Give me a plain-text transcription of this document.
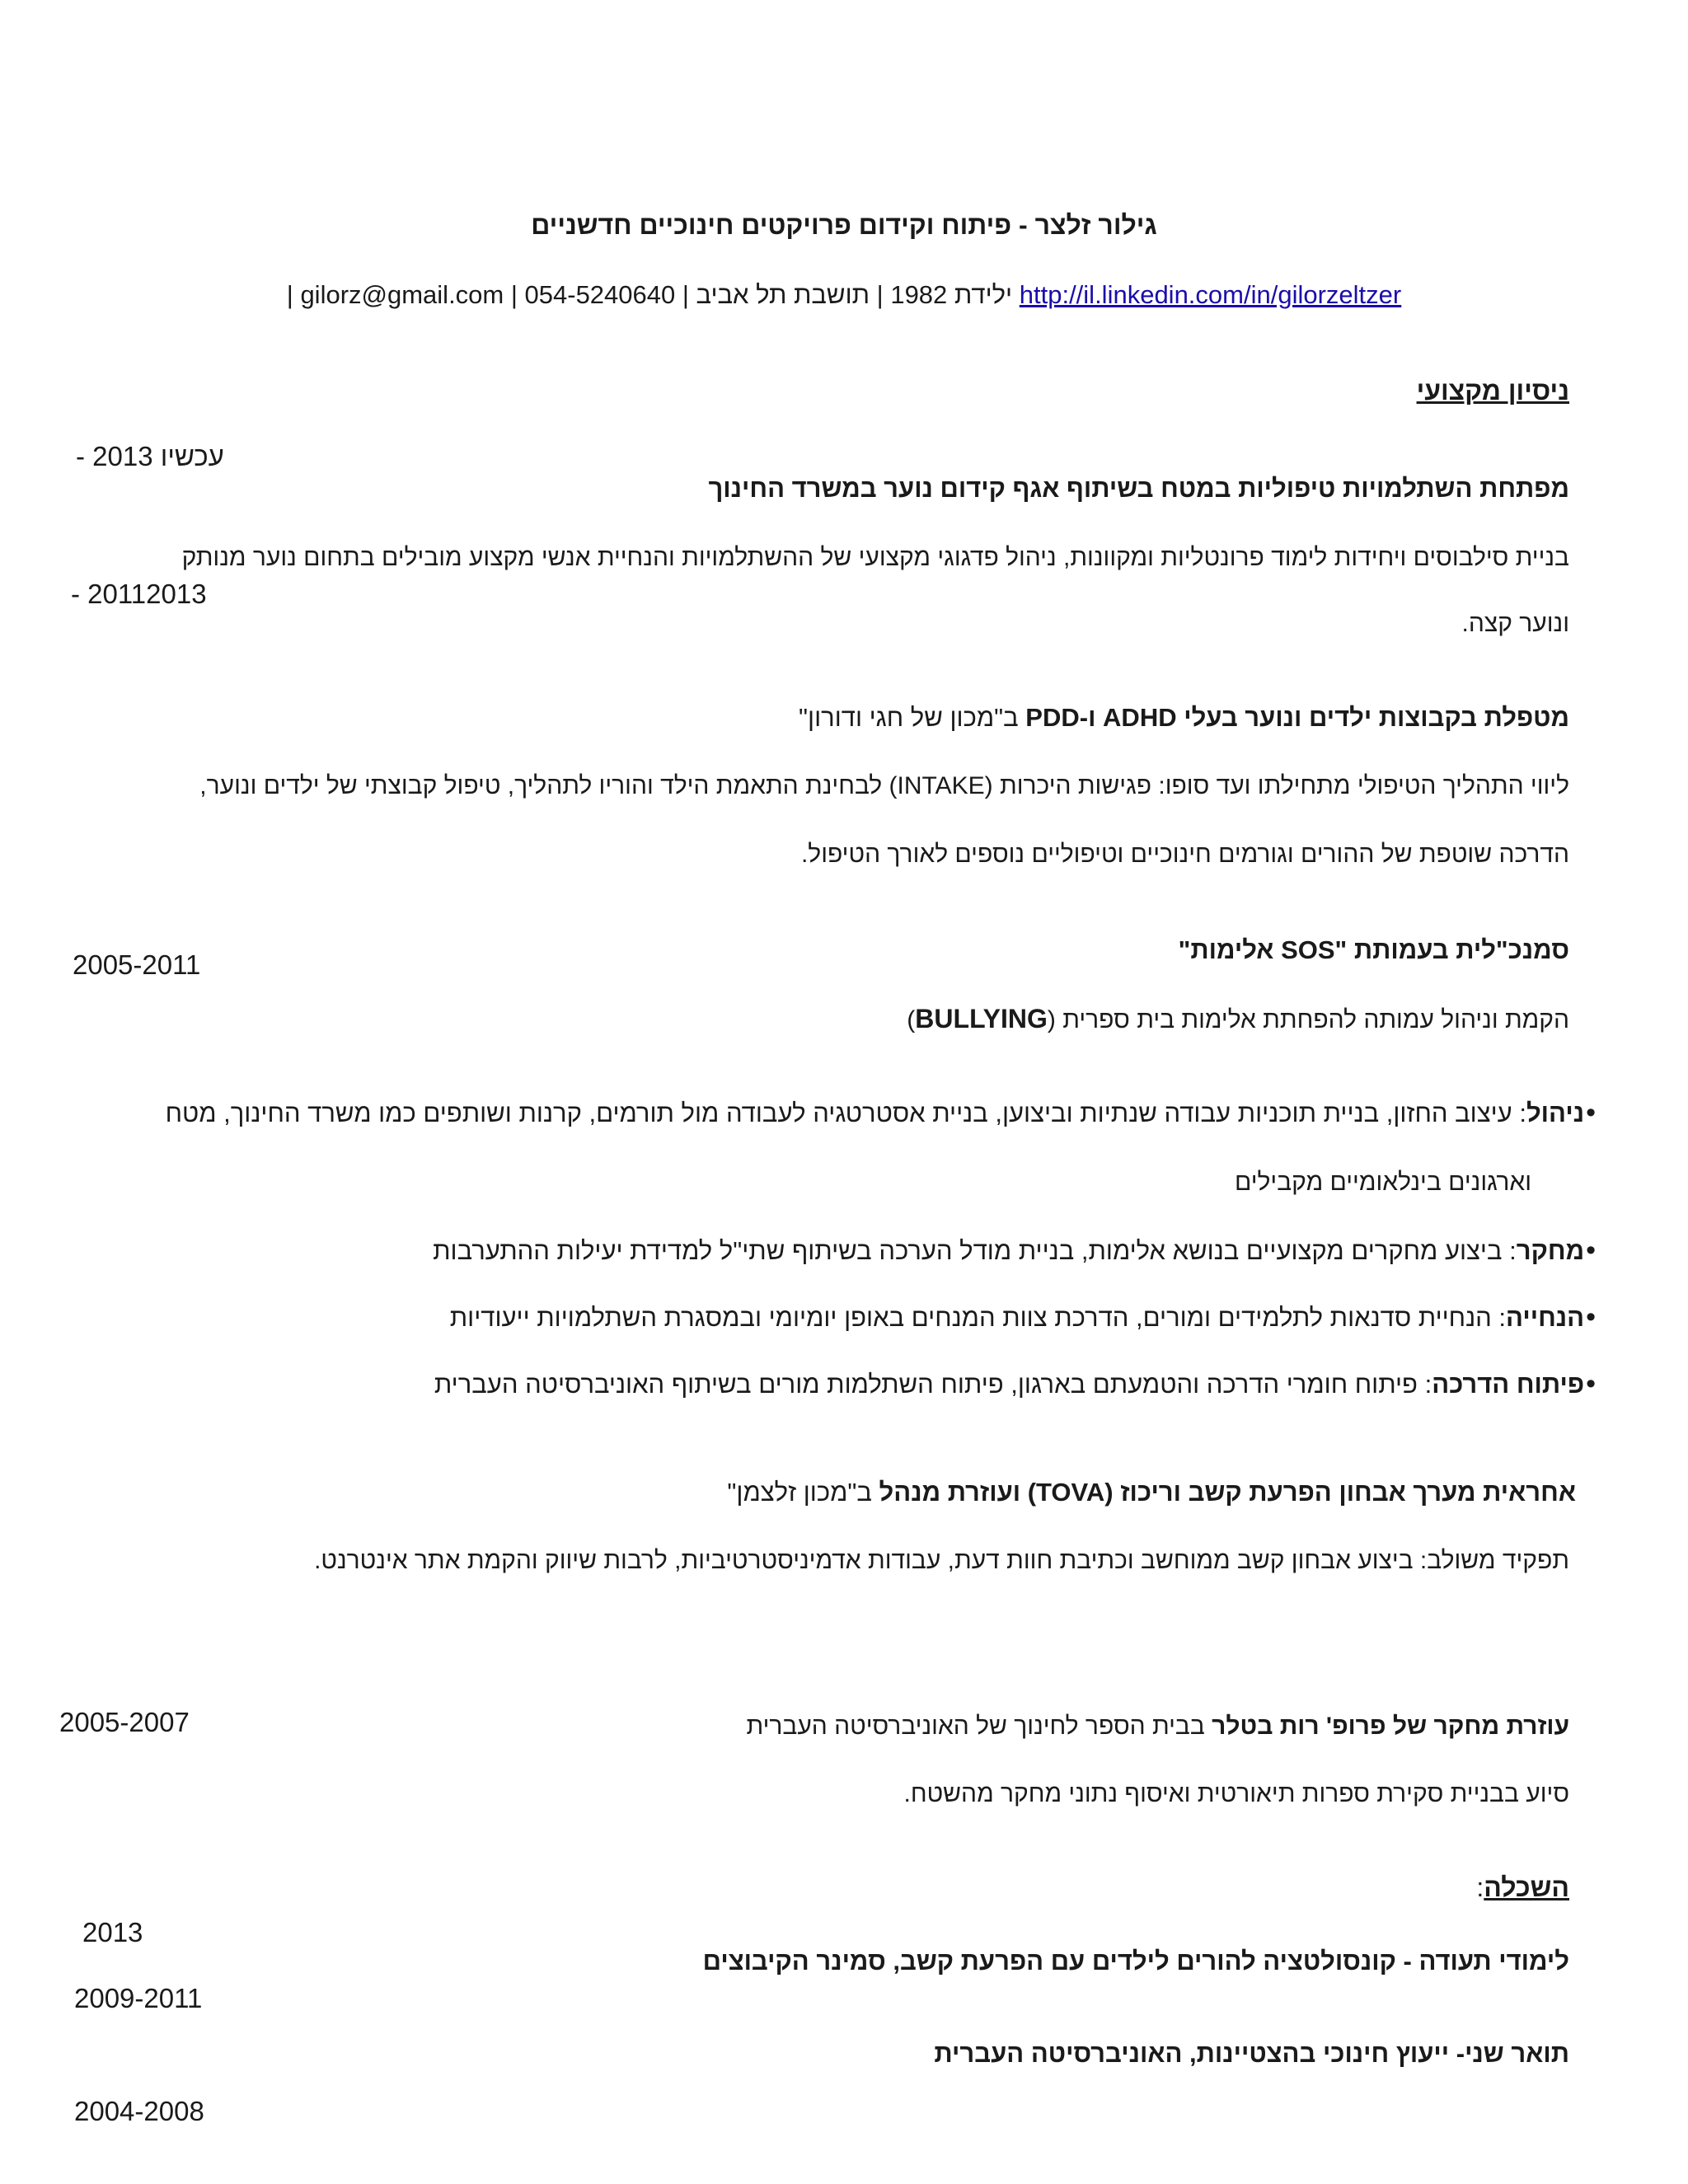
גילור זלצר - פיתוח וקידום פרויקטים חינוכיים חדשניים
ילידת 1982 | תושבת תל אביב | gilorz@gmail.com | 054-5240640 | http://il.linkedin.com/in/gilorzeltzer
ניסיון מקצועי
עכשיו 2013 -
מפתחת השתלמויות טיפוליות במטח בשיתוף אגף קידום נוער במשרד החינוך
בניית סילבוסים ויחידות לימוד פרונטליות ומקוונות, ניהול פדגוגי מקצועי של ההשתלמויות והנחיית אנשי מקצוע מובילים בתחום נוער מנותק
20112013 -
ונוער קצה.
מטפלת בקבוצות ילדים ונוער בעלי ADHD ו-PDD ב"מכון של חגי ודורון"
ליווי התהליך הטיפולי מתחילתו ועד סופו: פגישות היכרות (INTAKE) לבחינת התאמת הילד והוריו לתהליך, טיפול קבוצתי של ילדים ונוער,
הדרכה שוטפת של ההורים וגורמים חינוכיים וטיפוליים נוספים לאורך הטיפול.
סמנכ"לית בעמותת "SOS אלימות"
2005-2011
הקמת וניהול עמותה להפחתת אלימות בית ספרית (BULLYING)
•ניהול: עיצוב החזון, בניית תוכניות עבודה שנתיות וביצוען, בניית אסטרטגיה לעבודה מול תורמים, קרנות ושותפים כמו משרד החינוך, מטח
וארגונים בינלאומיים מקבילים
•מחקר: ביצוע מחקרים מקצועיים בנושא אלימות, בניית מודל הערכה בשיתוף שתי"ל למדידת יעילות ההתערבות
•הנחייה: הנחיית סדנאות לתלמידים ומורים, הדרכת צוות המנחים באופן יומיומי ובמסגרת השתלמויות ייעודיות
•פיתוח הדרכה: פיתוח חומרי הדרכה והטמעתם בארגון, פיתוח השתלמות מורים בשיתוף האוניברסיטה העברית
אחראית מערך אבחון הפרעת קשב וריכוז (TOVA) ועוזרת מנהל ב"מכון זלצמן"
תפקיד משולב: ביצוע אבחון קשב ממוחשב וכתיבת חוות דעת, עבודות אדמיניסטרטיביות, לרבות שיווק והקמת אתר אינטרנט.
2005-2007	עוזרת מחקר של פרופ' רות בטלר בבית הספר לחינוך של האוניברסיטה העברית
סיוע בבניית סקירת ספרות תיאורטית ואיסוף נתוני מחקר מהשטח.
השכלה:
2013
לימודי תעודה - קונסולטציה להורים לילדים עם הפרעת קשב, סמינר הקיבוצים
2009-2011
תואר שני- ייעוץ חינוכי בהצטיינות, האוניברסיטה העברית
2004-2008
